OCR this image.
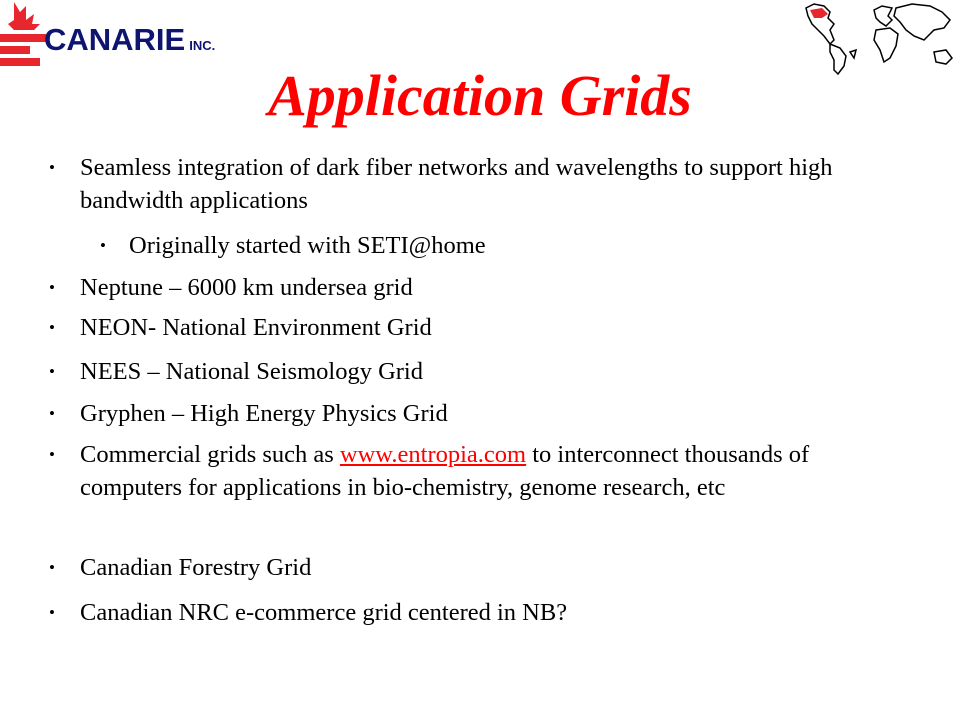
CANARIE INC.
Application Grids
• Seamless integration of dark fiber networks and wavelengths to support high bandwidth applications
• Originally started with SETI@home
• Neptune – 6000 km undersea grid
• NEON- National Environment Grid
• NEES – National Seismology Grid
• Gryphen – High Energy Physics Grid
• Commercial grids such as www.entropia.com to interconnect thousands of computers for applications in bio-chemistry, genome research, etc
• Canadian Forestry Grid
• Canadian NRC e-commerce grid centered in NB?
